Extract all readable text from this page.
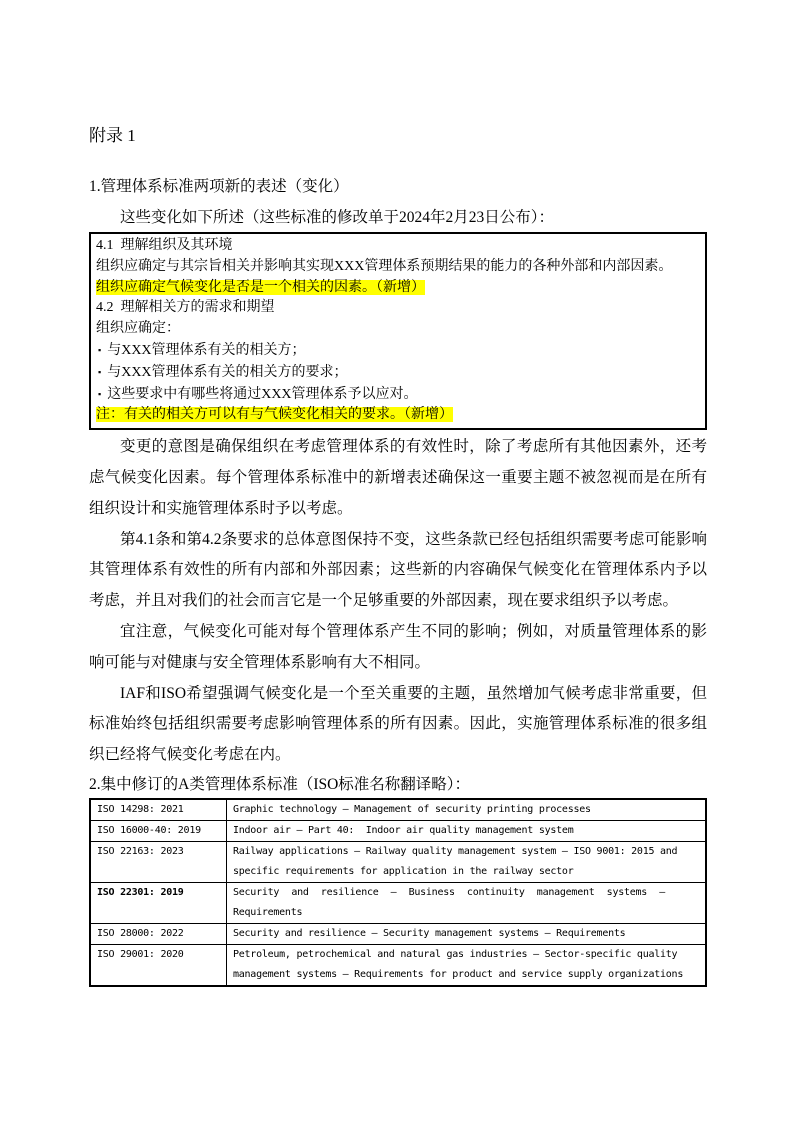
附录 1
1.管理体系标准两项新的表述（变化）
这些变化如下所述（这些标准的修改单于2024年2月23日公布）：
4.1  理解组织及其环境
组织应确定与其宗旨相关并影响其实现XXX管理体系预期结果的能力的各种外部和内部因素。
组织应确定气候变化是否是一个相关的因素。（新增）
4.2  理解相关方的需求和期望
组织应确定：
▪ 与XXX管理体系有关的相关方；
▪ 与XXX管理体系有关的相关方的要求；
▪ 这些要求中有哪些将通过XXX管理体系予以应对。
注：有关的相关方可以有与气候变化相关的要求。（新增）

变更的意图是确保组织在考虑管理体系的有效性时，除了考虑所有其他因素外，还考虑气候变化因素。每个管理体系标准中的新增表述确保这一重要主题不被忽视而是在所有组织设计和实施管理体系时予以考虑。

第4.1条和第4.2条要求的总体意图保持不变，这些条款已经包括组织需要考虑可能影响其管理体系有效性的所有内部和外部因素；这些新的内容确保气候变化在管理体系内予以考虑，并且对我们的社会而言它是一个足够重要的外部因素，现在要求组织予以考虑。

宜注意，气候变化可能对每个管理体系产生不同的影响；例如，对质量管理体系的影响可能与对健康与安全管理体系影响有大不相同。

IAF和ISO希望强调气候变化是一个至关重要的主题，虽然增加气候考虑非常重要，但标准始终包括组织需要考虑影响管理体系的所有因素。因此，实施管理体系标准的很多组织已经将气候变化考虑在内。

2.集中修订的A类管理体系标准（ISO标准名称翻译略）：
ISO 14298: 2021	Graphic technology — Management of security printing processes
ISO 16000-40: 2019	Indoor air — Part 40:  Indoor air quality management system
ISO 22163: 2023	Railway applications — Railway quality management system — ISO 9001: 2015 and specific requirements for application in the railway sector
ISO 22301: 2019	Security and resilience — Business continuity management systems — Requirements

ISO 28000: 2022	Security and resilience — Security management systems — Requirements
ISO 29001: 2020	Petroleum, petrochemical and natural gas industries — Sector-specific quality management systems — Requirements for product and service supply organizations
